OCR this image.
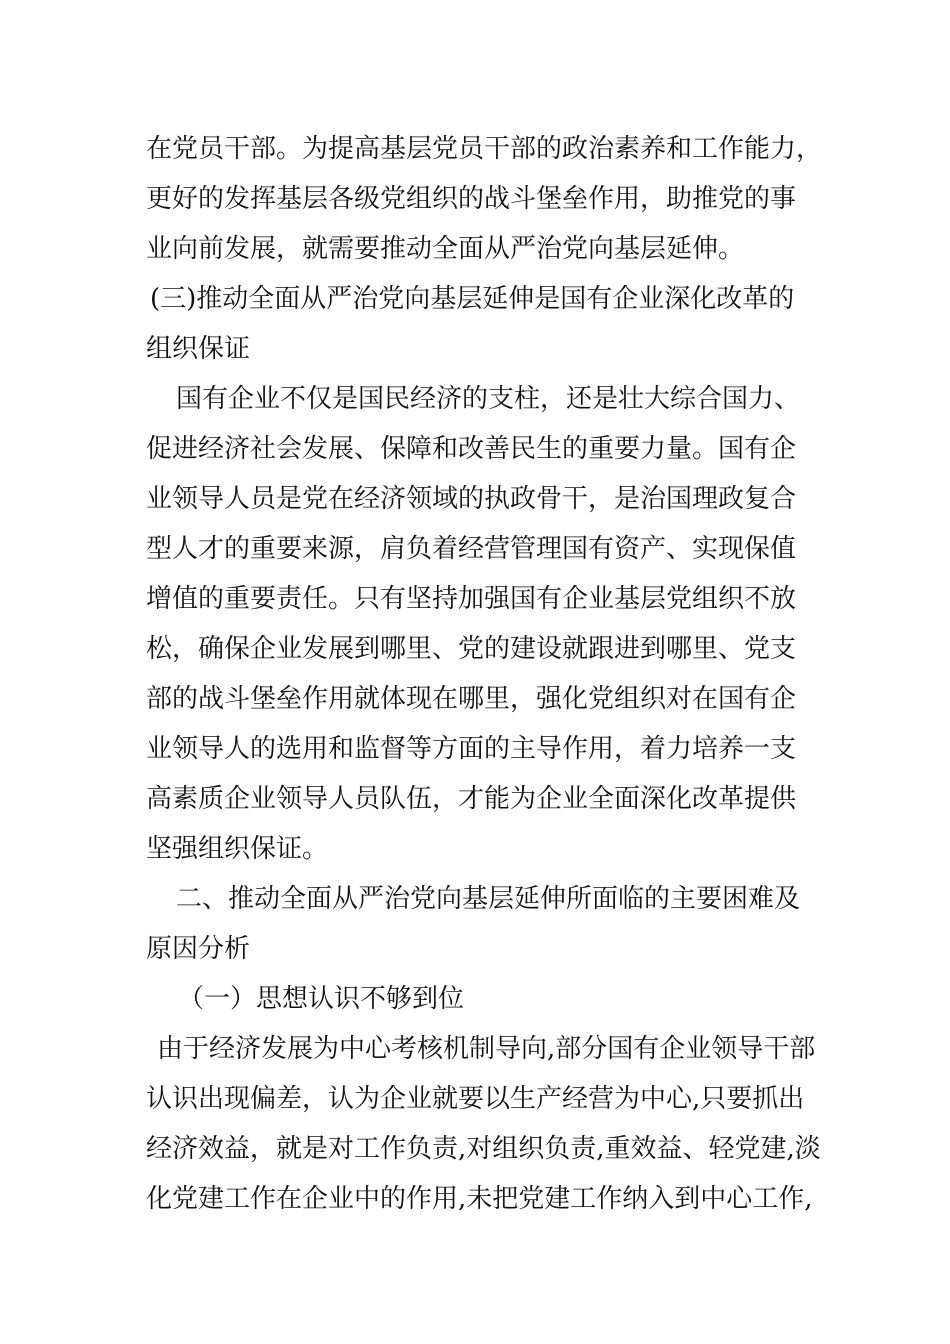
在党员干部。为提高基层党员干部的政治素养和工作能力，

更好的发挥基层各级党组织的战斗堡垒作用，助推党的事

业向前发展，就需要推动全面从严治党向基层延伸。

(三)推动全面从严治党向基层延伸是国有企业深化改革的

组织保证

国有企业不仅是国民经济的支柱，还是壮大综合国力、

促进经济社会发展、保障和改善民生的重要力量。国有企

业领导人员是党在经济领域的执政骨干，是治国理政复合

型人才的重要来源，肩负着经营管理国有资产、实现保值

增值的重要责任。只有坚持加强国有企业基层党组织不放

松，确保企业发展到哪里、党的建设就跟进到哪里、党支

部的战斗堡垒作用就体现在哪里，强化党组织对在国有企

业领导人的选用和监督等方面的主导作用，着力培养一支

高素质企业领导人员队伍，才能为企业全面深化改革提供

坚强组织保证。

二、推动全面从严治党向基层延伸所面临的主要困难及

原因分析

（一）思想认识不够到位

由于经济发展为中心考核机制导向,部分国有企业领导干部

认识出现偏差，认为企业就要以生产经营为中心,只要抓出

经济效益，就是对工作负责,对组织负责,重效益、轻党建,淡

化党建工作在企业中的作用,未把党建工作纳入到中心工作,
